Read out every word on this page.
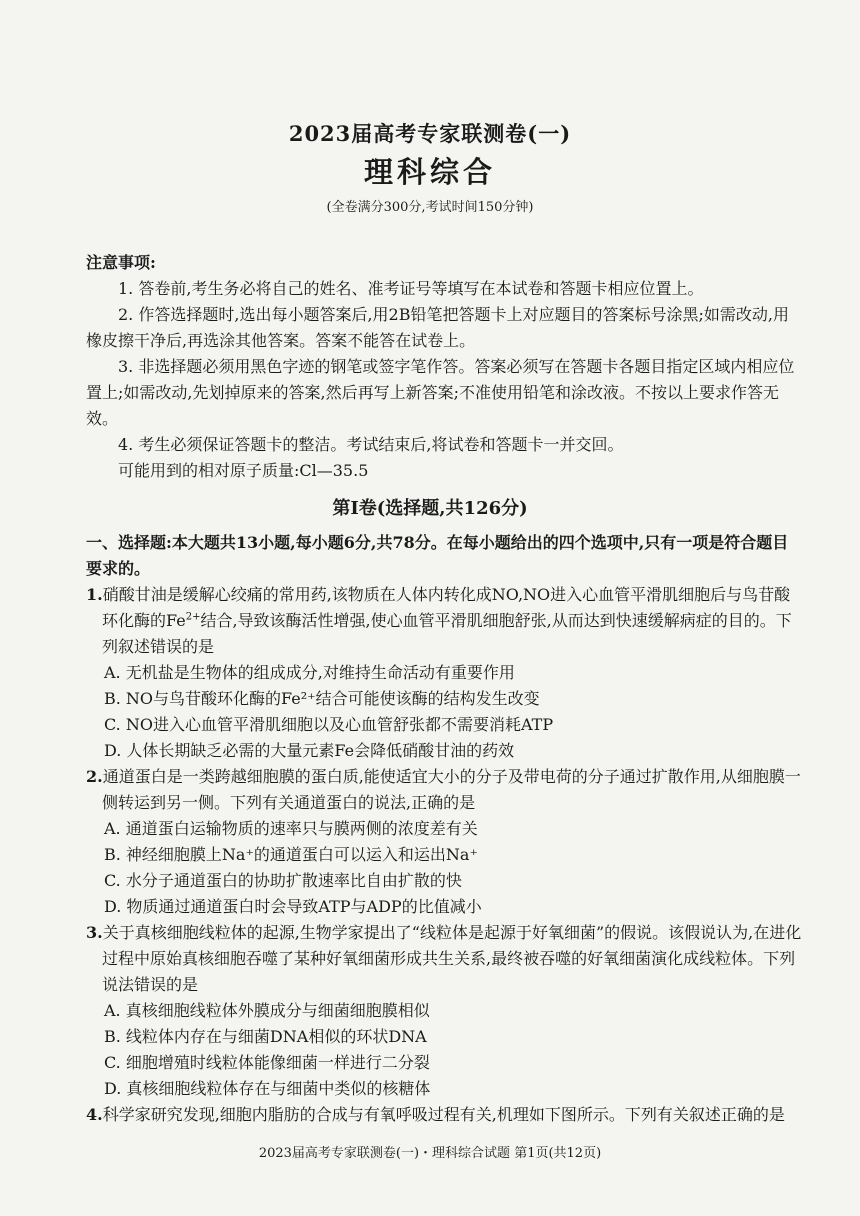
2023届高考专家联测卷(一)
理科综合
(全卷满分300分,考试时间150分钟)
注意事项:
1. 答卷前,考生务必将自己的姓名、准考证号等填写在本试卷和答题卡相应位置上。
2. 作答选择题时,选出每小题答案后,用2B铅笔把答题卡上对应题目的答案标号涂黑;如需改动,用橡皮擦干净后,再选涂其他答案。答案不能答在试卷上。
3. 非选择题必须用黑色字迹的钢笔或签字笔作答。答案必须写在答题卡各题目指定区域内相应位置上;如需改动,先划掉原来的答案,然后再写上新答案;不准使用铅笔和涂改液。不按以上要求作答无效。
4. 考生必须保证答题卡的整洁。考试结束后,将试卷和答题卡一并交回。
可能用到的相对原子质量:Cl—35.5
第Ⅰ卷(选择题,共126分)
一、选择题:本大题共13小题,每小题6分,共78分。在每小题给出的四个选项中,只有一项是符合题目要求的。
1.硝酸甘油是缓解心绞痛的常用药,该物质在人体内转化成NO,NO进入心血管平滑肌细胞后与鸟苷酸环化酶的$Fe^{2+}$结合,导致该酶活性增强,使心血管平滑肌细胞舒张,从而达到快速缓解病症的目的。下列叙述错误的是
A. 无机盐是生物体的组成成分,对维持生命活动有重要作用
B. NO与鸟苷酸环化酶的Fe²⁺结合可能使该酶的结构发生改变
C. NO进入心血管平滑肌细胞以及心血管舒张都不需要消耗ATP
D. 人体长期缺乏必需的大量元素Fe会降低硝酸甘油的药效
2.通道蛋白是一类跨越细胞膜的蛋白质,能使适宜大小的分子及带电荷的分子通过扩散作用,从细胞膜一侧转运到另一侧。下列有关通道蛋白的说法,正确的是
A. 通道蛋白运输物质的速率只与膜两侧的浓度差有关
B. 神经细胞膜上Na⁺的通道蛋白可以运入和运出Na⁺
C. 水分子通道蛋白的协助扩散速率比自由扩散的快
D. 物质通过通道蛋白时会导致ATP与ADP的比值减小
3.关于真核细胞线粒体的起源,生物学家提出了“线粒体是起源于好氧细菌”的假说。该假说认为,在进化过程中原始真核细胞吞噬了某种好氧细菌形成共生关系,最终被吞噬的好氧细菌演化成线粒体。下列说法错误的是
A. 真核细胞线粒体外膜成分与细菌细胞膜相似
B. 线粒体内存在与细菌DNA相似的环状DNA
C. 细胞增殖时线粒体能像细菌一样进行二分裂
D. 真核细胞线粒体存在与细菌中类似的核糖体
4.科学家研究发现,细胞内脂肪的合成与有氧呼吸过程有关,机理如下图所示。下列有关叙述正确的是
2023届高考专家联测卷(一)・理科综合试题 第1页(共12页)
